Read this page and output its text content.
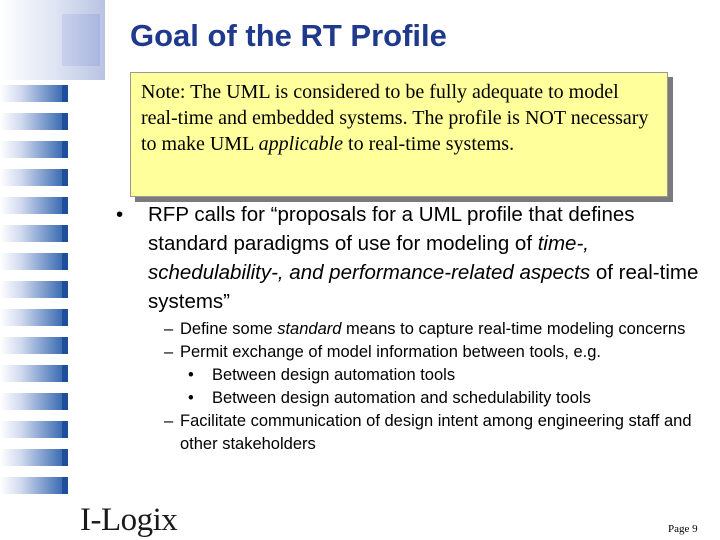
Goal of the RT Profile

Note: The UML is considered to be fully adequate to model real-time and embedded systems. The profile is NOT necessary to make UML applicable to real-time systems.

•	RFP calls for “proposals for a UML profile that defines standard paradigms of use for modeling of time-, schedulability-, and performance-related aspects of real-time systems”
– Define some standard means to capture real-time modeling concerns
– Permit exchange of model information between tools, e.g.
• Between design automation tools
• Between design automation and schedulability tools
– Facilitate communication of design intent among engineering staff and other stakeholders
I-Logix	Page 9
